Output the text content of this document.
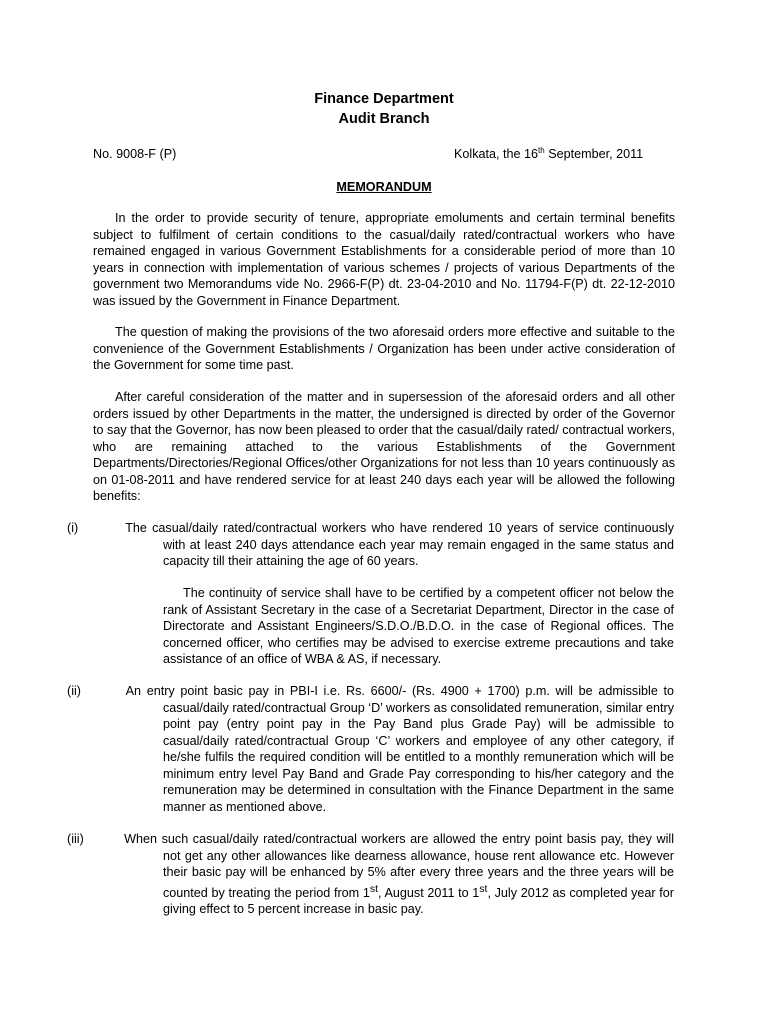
Finance Department
Audit Branch
No. 9008-F (P)	Kolkata, the 16th September, 2011
MEMORANDUM
In the order to provide security of tenure, appropriate emoluments and certain terminal benefits subject to fulfilment of certain conditions to the casual/daily rated/contractual workers who have remained engaged in various Government Establishments for a considerable period of more than 10 years in connection with implementation of various schemes / projects of various Departments of the government two Memorandums vide No. 2966-F(P) dt. 23-04-2010 and No. 11794-F(P) dt. 22-12-2010 was issued by the Government in Finance Department.
The question of making the provisions of the two aforesaid orders more effective and suitable to the convenience of the Government Establishments / Organization has been under active consideration of the Government for some time past.
After careful consideration of the matter and in supersession of the aforesaid orders and all other orders issued by other Departments in the matter, the undersigned is directed by order of the Governor to say that the Governor, has now been pleased to order that the casual/daily rated/ contractual workers, who are remaining attached to the various Establishments of the Government Departments/Directories/Regional Offices/other Organizations for not less than 10 years continuously as on 01-08-2011 and have rendered service for at least 240 days each year will be allowed the following benefits:
(i)	The casual/daily rated/contractual workers who have rendered 10 years of service continuously with at least 240 days attendance each year may remain engaged in the same status and capacity till their attaining the age of 60 years.
The continuity of service shall have to be certified by a competent officer not below the rank of Assistant Secretary in the case of a Secretariat Department, Director in the case of Directorate and Assistant Engineers/S.D.O./B.D.O. in the case of Regional offices. The concerned officer, who certifies may be advised to exercise extreme precautions and take assistance of an office of WBA & AS, if necessary.
(ii)	An entry point basic pay in PBI-I i.e. Rs. 6600/- (Rs. 4900 + 1700) p.m. will be admissible to casual/daily rated/contractual Group ‘D’ workers as consolidated remuneration, similar entry point pay (entry point pay in the Pay Band plus Grade Pay) will be admissible to casual/daily rated/contractual Group ‘C’ workers and employee of any other category, if he/she fulfils the required condition will be entitled to a monthly remuneration which will be minimum entry level Pay Band and Grade Pay corresponding to his/her category and the remuneration may be determined in consultation with the Finance Department in the same manner as mentioned above.
(iii)	When such casual/daily rated/contractual workers are allowed the entry point basis pay, they will not get any other allowances like dearness allowance, house rent allowance etc. However their basic pay will be enhanced by 5% after every three years and the three years will be counted by treating the period from 1st, August 2011 to 1st, July 2012 as completed year for giving effect to 5 percent increase in basic pay.
